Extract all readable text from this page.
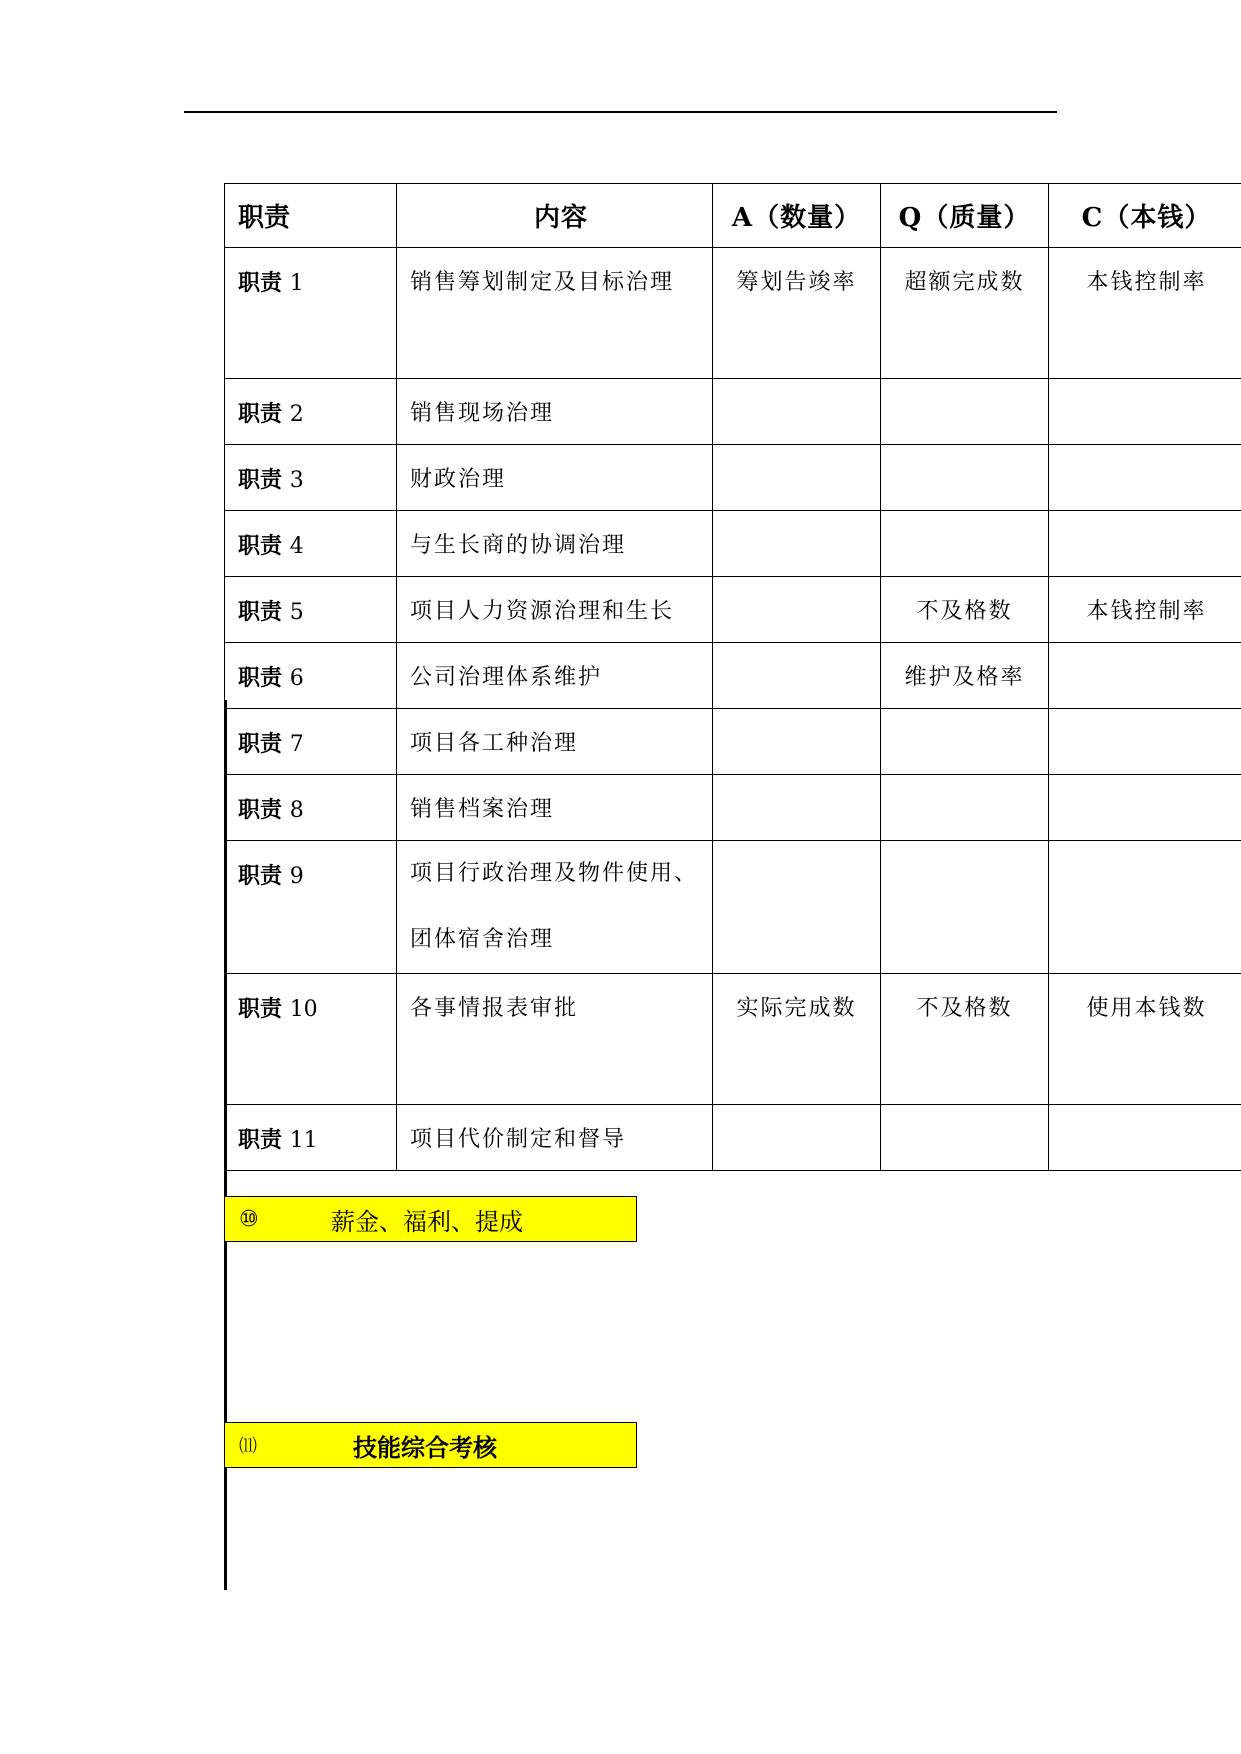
职责	内容	A（数量）	Q（质量）	C（本钱）

职责 1	销售筹划制定及目标治理	筹划告竣率	超额完成数	本钱控制率

职责 2	销售现场治理			

职责 3	财政治理			

职责 4	与生长商的协调治理			

职责 5	项目人力资源治理和生长		不及格数	本钱控制率

职责 6	公司治理体系维护		维护及格率	

职责 7	项目各工种治理			

职责 8	销售档案治理			

职责 9	项目行政治理及物件使用、
团体宿舍治理			

职责 10	各事情报表审批	实际完成数	不及格数	使用本钱数

职责 11	项目代价制定和督导			

⑩	薪金、福利、提成
⑾	技能综合考核
